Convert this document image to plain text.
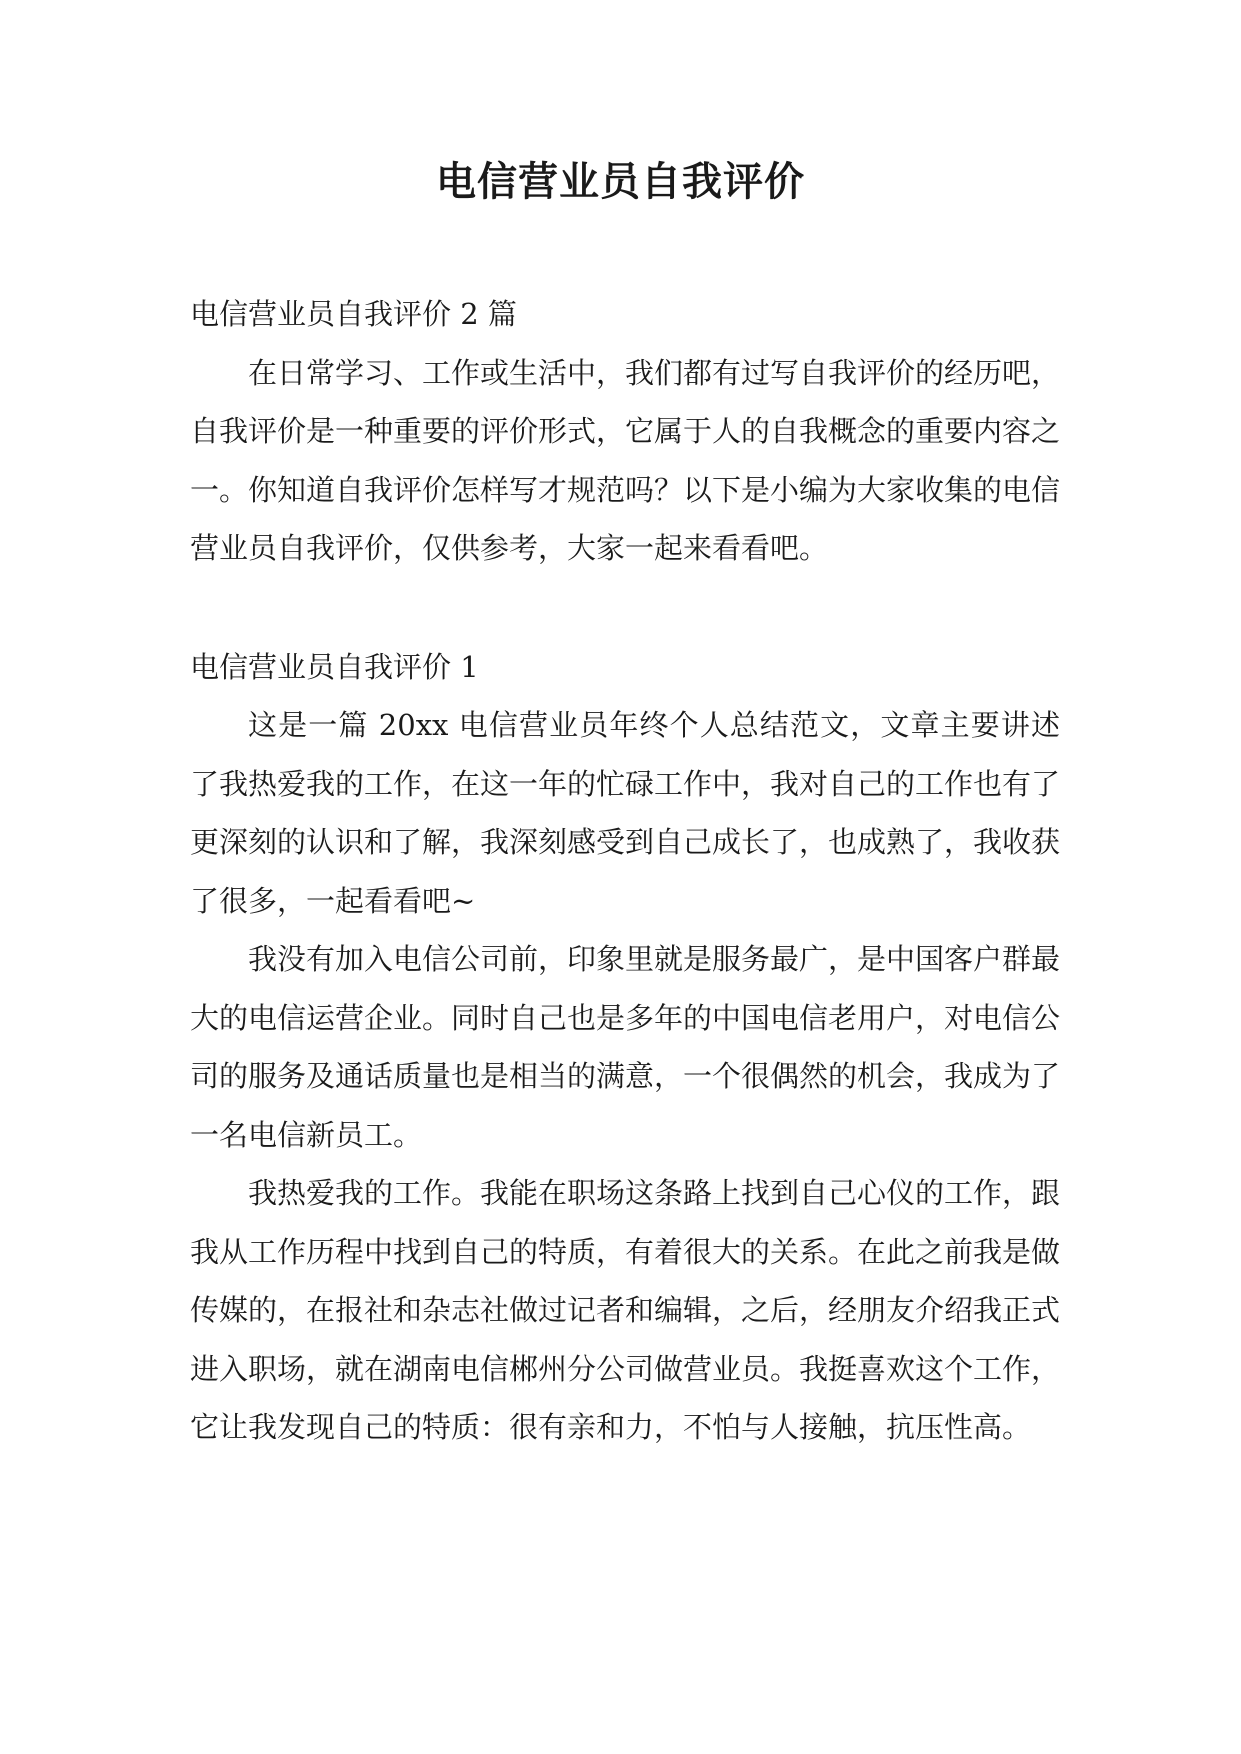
电信营业员自我评价

电信营业员自我评价 2 篇

在日常学习、工作或生活中，我们都有过写自我评价的经历吧，自我评价是一种重要的评价形式，它属于人的自我概念的重要内容之一。你知道自我评价怎样写才规范吗？以下是小编为大家收集的电信营业员自我评价，仅供参考，大家一起来看看吧。

电信营业员自我评价 1

这是一篇 20xx 电信营业员年终个人总结范文，文章主要讲述了我热爱我的工作，在这一年的忙碌工作中，我对自己的工作也有了更深刻的认识和了解，我深刻感受到自己成长了，也成熟了，我收获了很多，一起看看吧~

我没有加入电信公司前，印象里就是服务最广，是中国客户群最大的电信运营企业。同时自己也是多年的中国电信老用户，对电信公司的服务及通话质量也是相当的满意，一个很偶然的机会，我成为了一名电信新员工。

我热爱我的工作。我能在职场这条路上找到自己心仪的工作，跟我从工作历程中找到自己的特质，有着很大的关系。在此之前我是做传媒的，在报社和杂志社做过记者和编辑，之后，经朋友介绍我正式进入职场，就在湖南电信郴州分公司做营业员。我挺喜欢这个工作，它让我发现自己的特质：很有亲和力，不怕与人接触，抗压性高。
